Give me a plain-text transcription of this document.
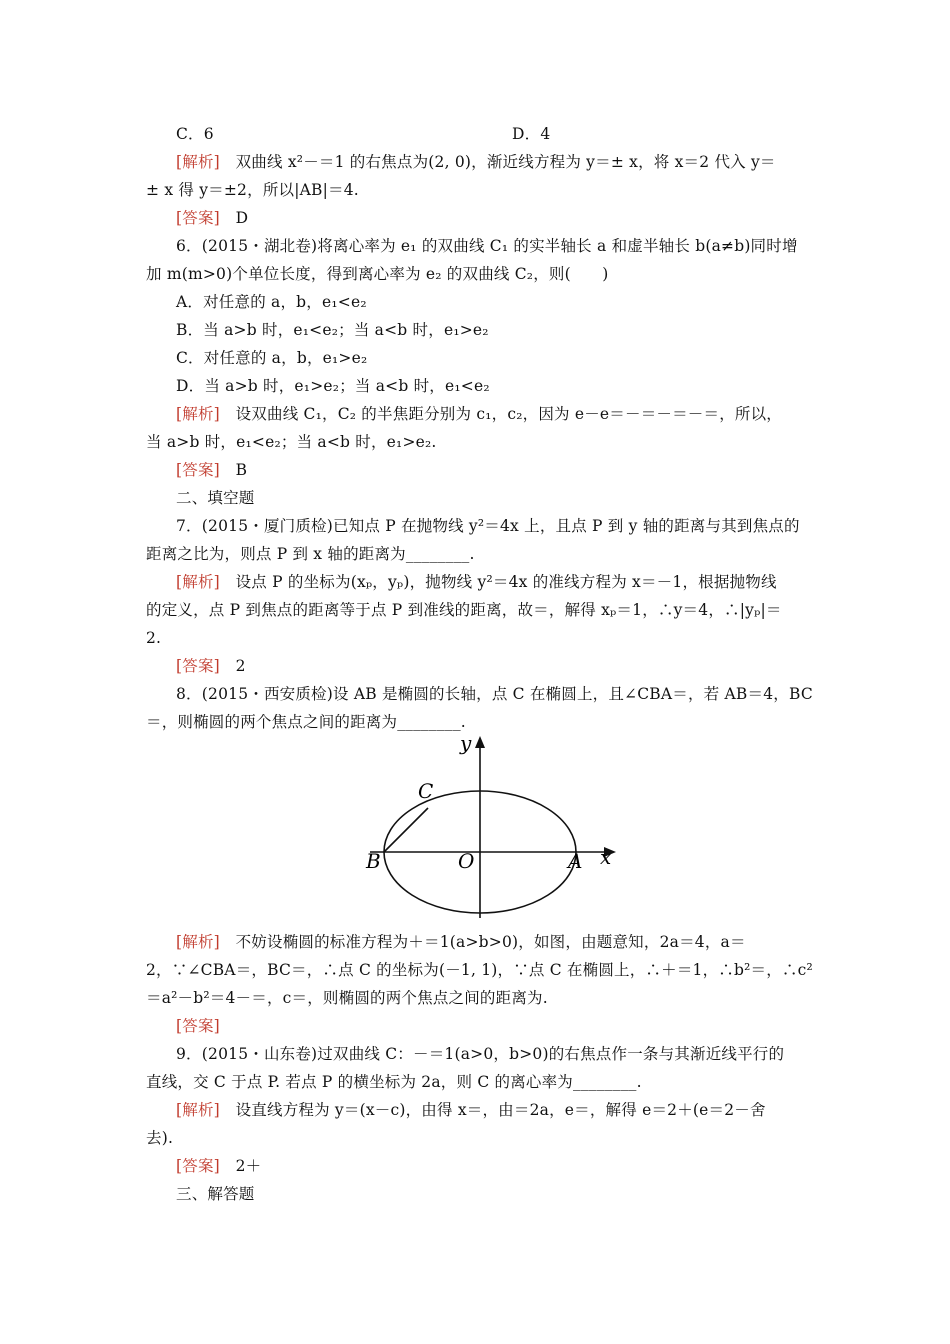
C．6	D．4
[解析]　 双曲线 x²－＝1 的右焦点为(2, 0)，渐近线方程为 y＝± x，将 x＝2 代入 y＝
± x 得 y＝±2，所以|AB|＝4.
[答案]　 D
6．(2015・湖北卷)将离心率为 e₁ 的双曲线 C₁ 的实半轴长 a 和虚半轴长 b(a≠b)同时增
加 m(m>0)个单位长度，得到离心率为 e₂ 的双曲线 C₂，则(　　)
A．对任意的 a，b，e₁<e₂
B．当 a>b 时，e₁<e₂；当 a<b 时，e₁>e₂
C．对任意的 a，b，e₁>e₂
D．当 a>b 时，e₁>e₂；当 a<b 时，e₁<e₂
[解析]　 设双曲线 C₁，C₂ 的半焦距分别为 c₁，c₂，因为 e－e＝－＝－＝－＝，所以，
当 a>b 时，e₁<e₂；当 a<b 时，e₁>e₂.
[答案]　 B
二、填空题
7．(2015・厦门质检)已知点 P 在抛物线 y²＝4x 上，且点 P 到 y 轴的距离与其到焦点的
距离之比为，则点 P 到 x 轴的距离为________.
[解析]　 设点 P 的坐标为(xₚ，yₚ)，抛物线 y²＝4x 的准线方程为 x＝－1，根据抛物线
的定义，点 P 到焦点的距离等于点 P 到准线的距离，故＝，解得 xₚ＝1，∴y＝4，∴|yₚ|＝
2.
[答案]　 2
8．(2015・西安质检)设 AB 是椭圆的长轴，点 C 在椭圆上，且∠CBA＝，若 AB＝4，BC
＝，则椭圆的两个焦点之间的距离为________.
y
x
C
B	O	A
[解析]　 不妨设椭圆的标准方程为＋＝1(a>b>0)，如图，由题意知，2a＝4，a＝
2，∵∠CBA＝，BC＝，∴点 C 的坐标为(－1, 1)，∵点 C 在椭圆上，∴＋＝1，∴b²＝，∴c²
＝a²－b²＝4－＝，c＝，则椭圆的两个焦点之间的距离为.
[答案]
9．(2015・山东卷)过双曲线 C：－＝1(a>0，b>0)的右焦点作一条与其渐近线平行的
直线，交 C 于点 P. 若点 P 的横坐标为 2a，则 C 的离心率为________.
[解析]　 设直线方程为 y＝(x－c)，由得 x＝，由＝2a，e＝，解得 e＝2＋(e＝2－舍
去).
[答案]　 2＋
三、解答题
